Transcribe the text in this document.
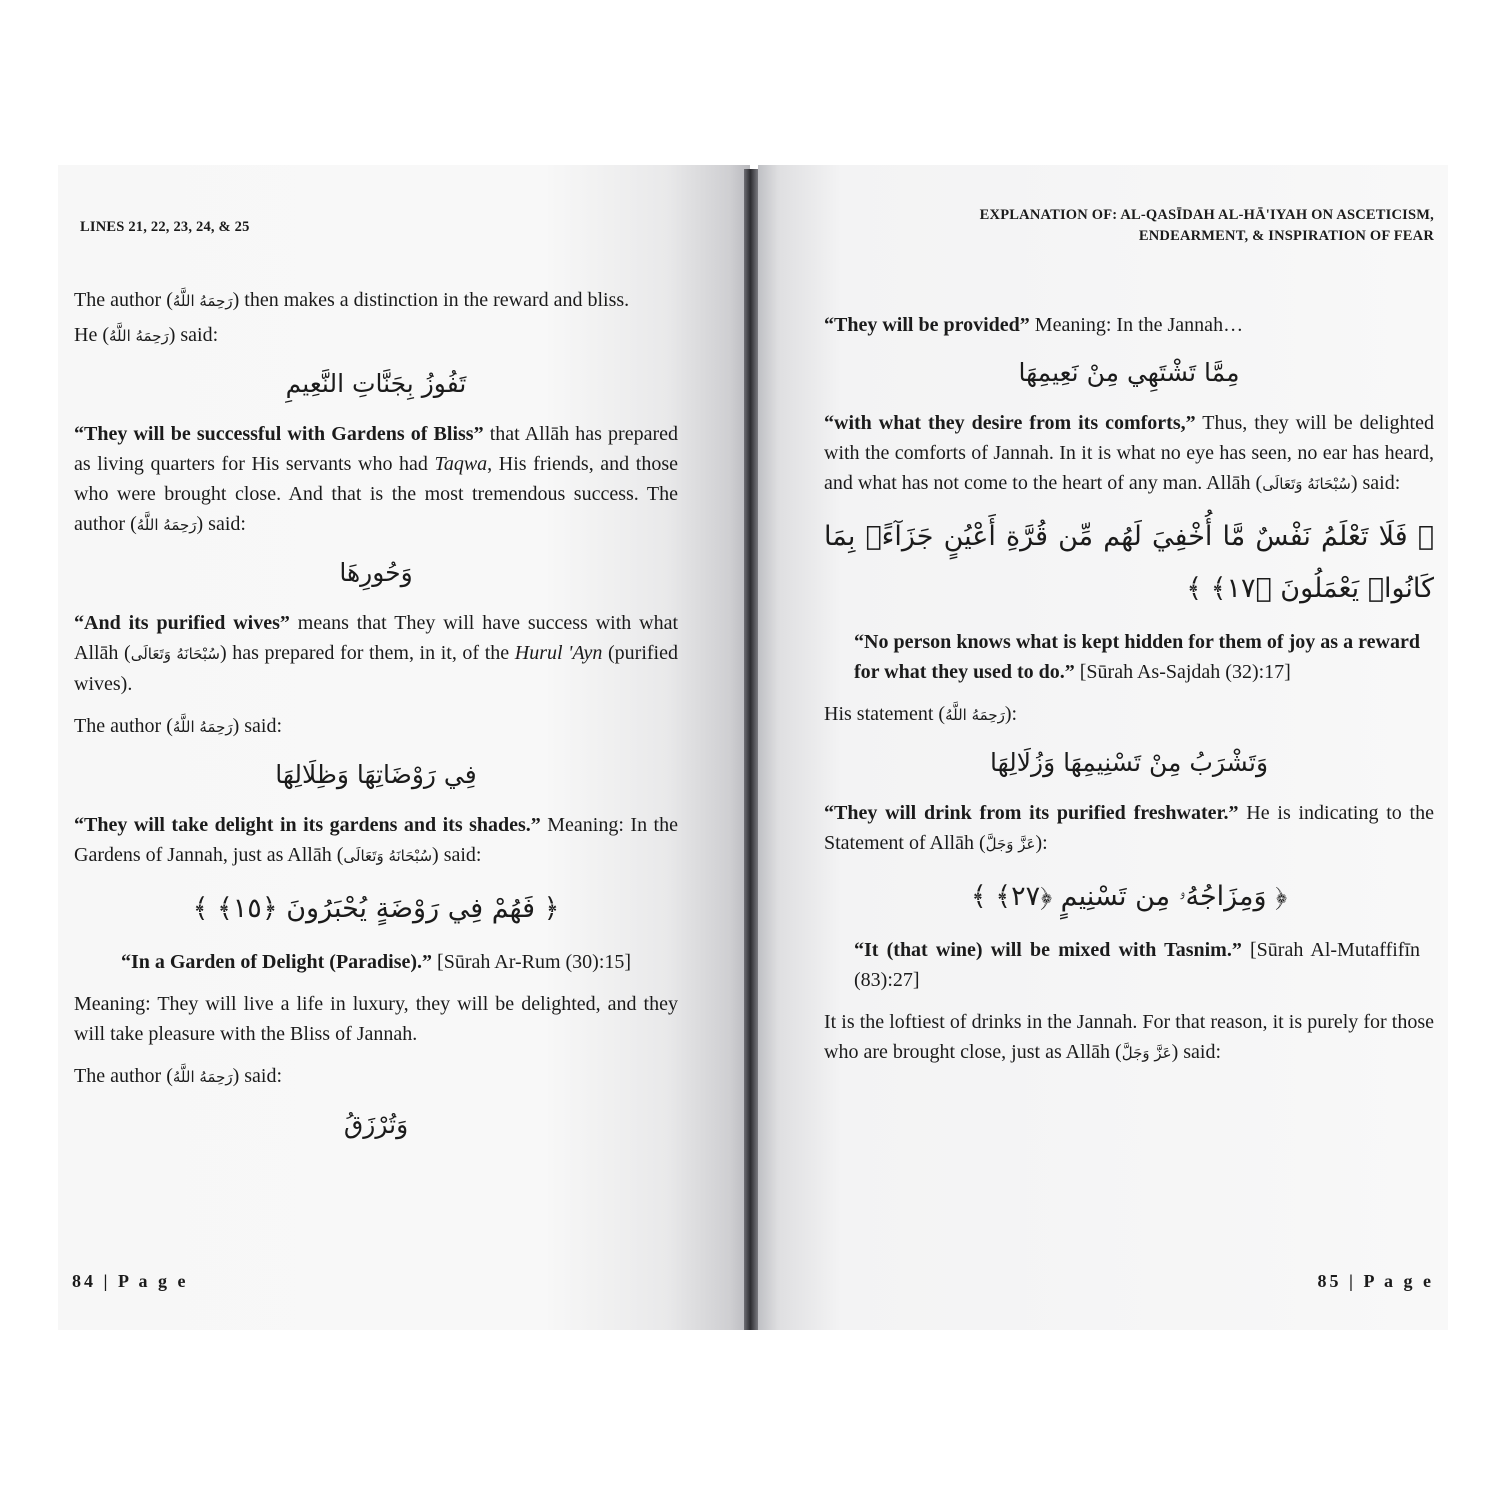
LINES 21, 22, 23, 24, & 25

The author (رَحِمَهُ اللَّهُ) then makes a distinction in the reward and bliss.

He (رَحِمَهُ اللَّهُ) said:

تَفُوزُ بِجَنَّاتِ النَّعِيمِ

“They will be successful with Gardens of Bliss” that Allāh has prepared as living quarters for His servants who had Taqwa, His friends, and those who were brought close. And that is the most tremendous success. The author (رَحِمَهُ اللَّهُ) said:

وَحُورِهَا

“And its purified wives” means that They will have success with what Allāh (سُبْحَانَهُ وَتَعَالَى) has prepared for them, in it, of the Hurul 'Ayn (purified wives).

The author (رَحِمَهُ اللَّهُ) said:

فِي رَوْضَاتِهَا وَظِلَالِهَا

“They will take delight in its gardens and its shades.” Meaning: In the Gardens of Jannah, just as Allāh (سُبْحَانَهُ وَتَعَالَى) said:

﴿ فَهُمْ فِي رَوْضَةٍ يُحْبَرُونَ ﴿١٥﴾ ﴾

“In a Garden of Delight (Paradise).” [Sūrah Ar-Rum (30):15]

Meaning: They will live a life in luxury, they will be delighted, and they will take pleasure with the Bliss of Jannah.

The author (رَحِمَهُ اللَّهُ) said:

وَتُرْزَقُ
84 | P a g e
EXPLANATION OF: AL-QASĪDAH AL-HĀ'IYAH ON ASCETICISM,
ENDEARMENT, & INSPIRATION OF FEAR

“They will be provided” Meaning: In the Jannah…

مِمَّا تَشْتَهِي مِنْ نَعِيمِهَا

“with what they desire from its comforts,” Thus, they will be delighted with the comforts of Jannah. In it is what no eye has seen, no ear has heard, and what has not come to the heart of any man. Allāh (سُبْحَانَهُ وَتَعَالَى) said:

﴿ فَلَا تَعْلَمُ نَفْسٌ مَّا أُخْفِيَ لَهُم مِّن قُرَّةِ أَعْيُنٍ جَزَآءًۢ بِمَا كَانُوا۟ يَعْمَلُونَ ﴿١٧﴾ ﴾

“No person knows what is kept hidden for them of joy as a reward for what they used to do.” [Sūrah As-Sajdah (32):17]

His statement (رَحِمَهُ اللَّهُ):

وَتَشْرَبُ مِنْ تَسْنِيمِهَا وَزُلَالِهَا

“They will drink from its purified freshwater.” He is indicating to the Statement of Allāh (عَزَّ وَجَلَّ):

﴿ وَمِزَاجُهُۥ مِن تَسْنِيمٍ ﴿٢٧﴾ ﴾

“It (that wine) will be mixed with Tasnim.” [Sūrah Al-Mutaffifīn (83):27]

It is the loftiest of drinks in the Jannah. For that reason, it is purely for those who are brought close, just as Allāh (عَزَّ وَجَلَّ) said:

85 | P a g e
